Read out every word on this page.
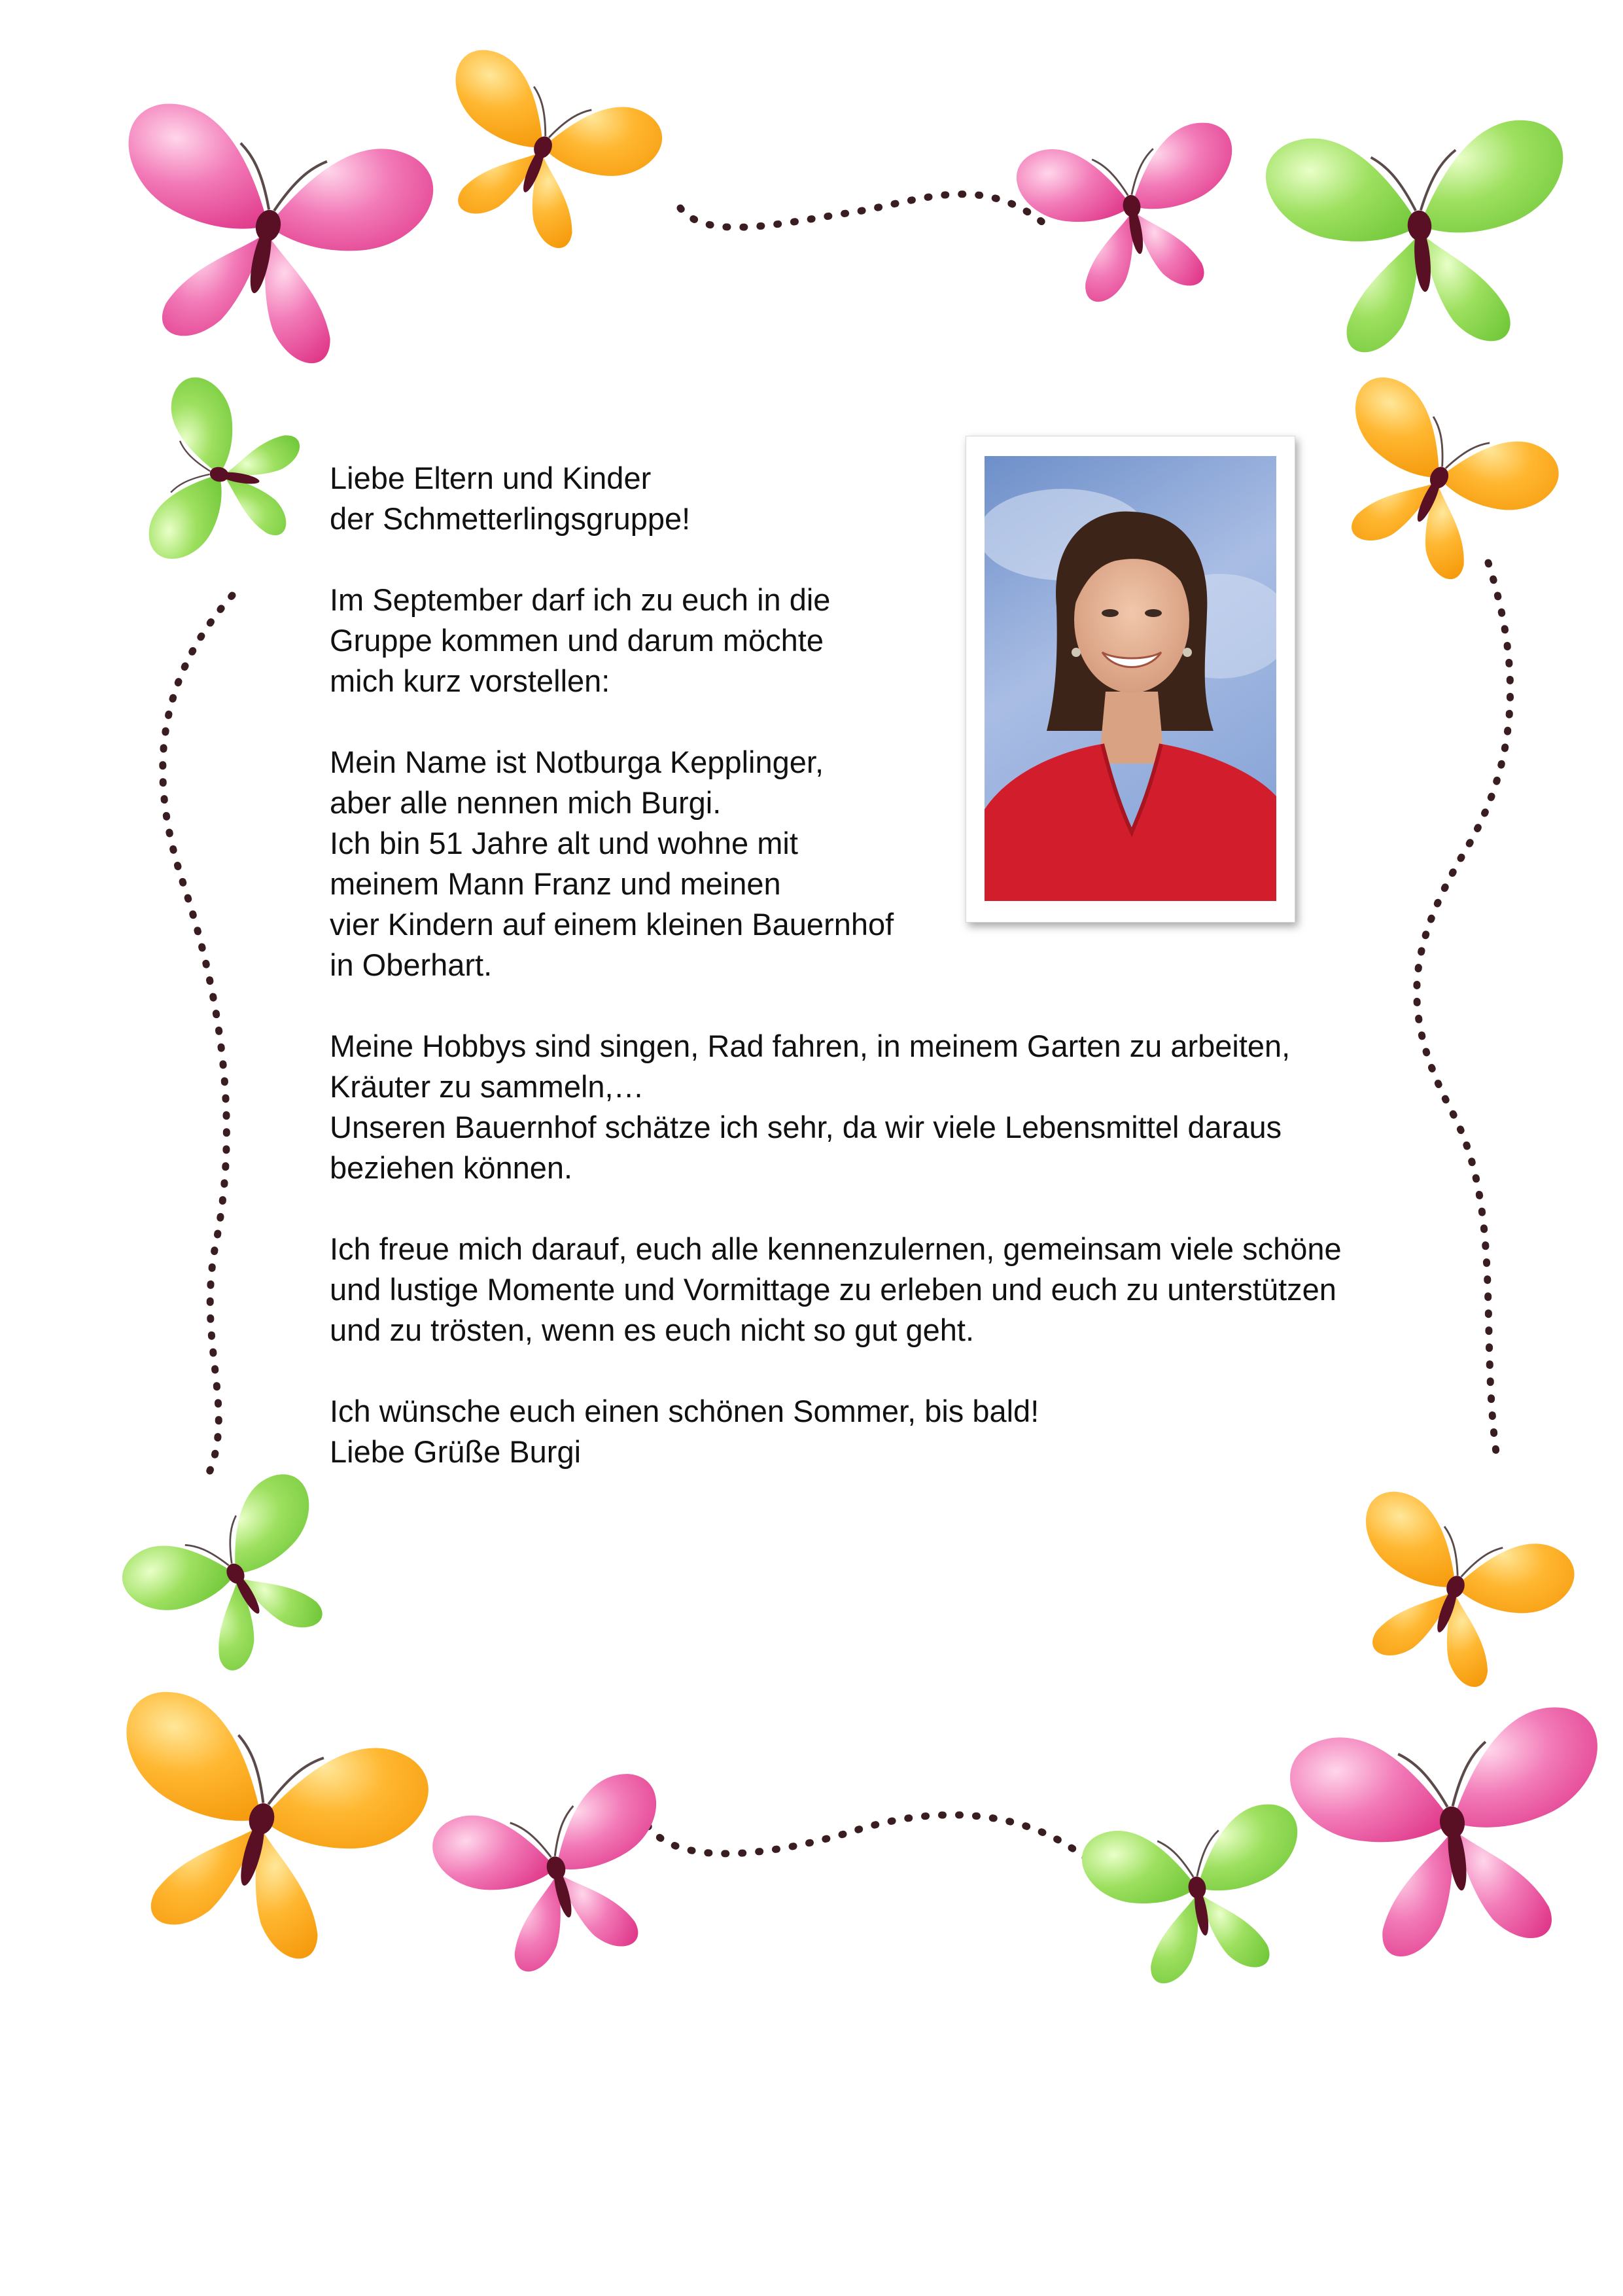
Liebe Eltern und Kinder
der Schmetterlingsgruppe!
Im September darf ich zu euch in die
Gruppe kommen und darum möchte
mich kurz vorstellen:
Mein Name ist Notburga Kepplinger,
aber alle nennen mich Burgi.
Ich bin 51 Jahre alt und wohne mit
meinem Mann Franz und meinen
vier Kindern auf einem kleinen Bauernhof
in Oberhart.
Meine Hobbys sind singen, Rad fahren, in meinem Garten zu arbeiten,
Kräuter zu sammeln,…
Unseren Bauernhof schätze ich sehr, da wir viele Lebensmittel daraus
beziehen können.
Ich freue mich darauf, euch alle kennenzulernen, gemeinsam viele schöne
und lustige Momente und Vormittage zu erleben und euch zu unterstützen
und zu trösten, wenn es euch nicht so gut geht.
Ich wünsche euch einen schönen Sommer, bis bald!
Liebe Grüße Burgi
